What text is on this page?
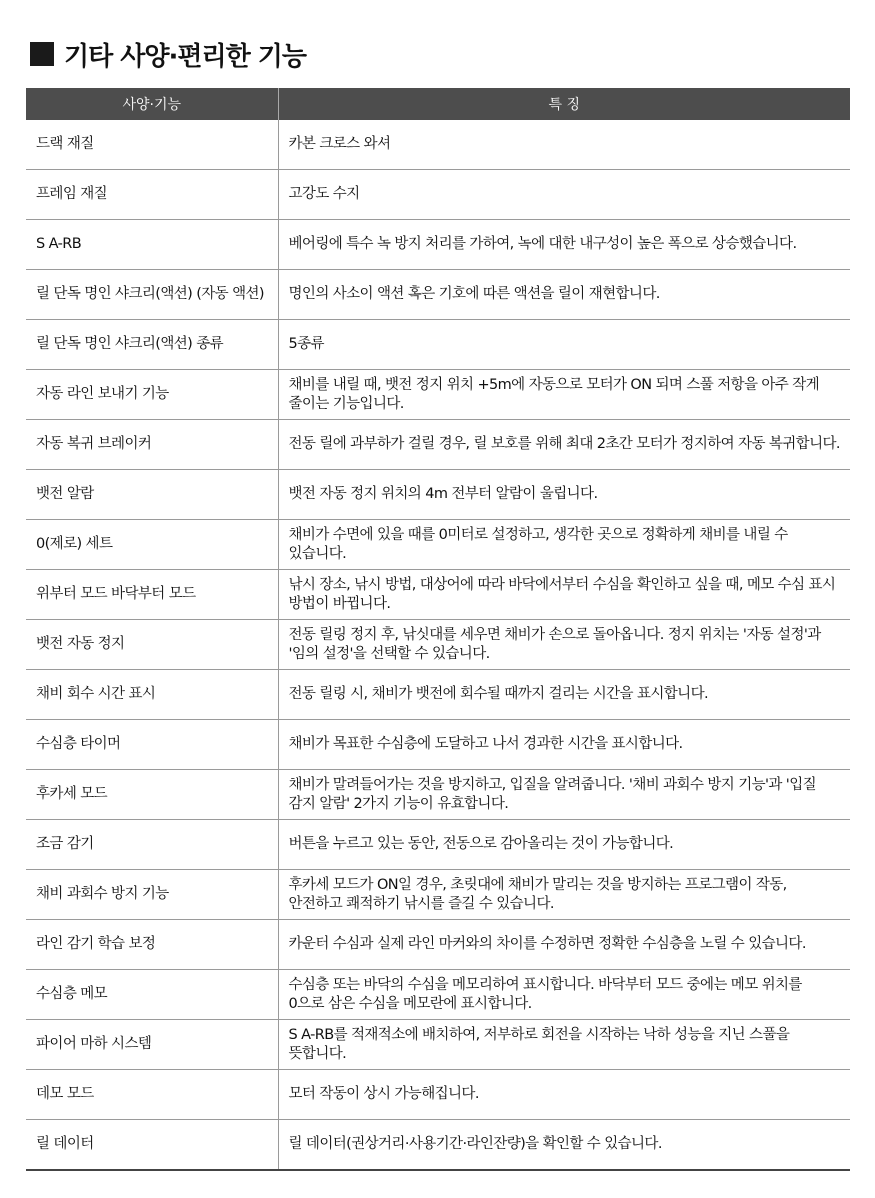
기타 사양·편리한 기능
사양·기능	특 징
드랙 재질	카본 크로스 와셔
프레임 재질	고강도 수지
S A-RB	베어링에 특수 녹 방지 처리를 가하여, 녹에 대한 내구성이 높은 폭으로 상승했습니다.
릴 단독 명인 샤크리(액션) (자동 액션)	명인의 사소이 액션 혹은 기호에 따른 액션을 릴이 재현합니다.
릴 단독 명인 샤크리(액션) 종류	5종류
자동 라인 보내기 기능	채비를 내릴 때, 뱃전 정지 위치 +5m에 자동으로 모터가 ON 되며 스풀 저항을 아주 작게 줄이는 기능입니다.
자동 복귀 브레이커	전동 릴에 과부하가 걸릴 경우, 릴 보호를 위해 최대 2초간 모터가 정지하여 자동 복귀합니다.
뱃전 알람	뱃전 자동 정지 위치의 4m 전부터 알람이 울립니다.
0(제로) 세트	채비가 수면에 있을 때를 0미터로 설정하고, 생각한 곳으로 정확하게 채비를 내릴 수 있습니다.
위부터 모드 바닥부터 모드	낚시 장소, 낚시 방법, 대상어에 따라 바닥에서부터 수심을 확인하고 싶을 때, 메모 수심 표시 방법이 바뀝니다.
뱃전 자동 정지	전동 릴링 정지 후, 낚싯대를 세우면 채비가 손으로 돌아옵니다. 정지 위치는 '자동 설정'과 '임의 설정'을 선택할 수 있습니다.
채비 회수 시간 표시	전동 릴링 시, 채비가 뱃전에 회수될 때까지 걸리는 시간을 표시합니다.
수심층 타이머	채비가 목표한 수심층에 도달하고 나서 경과한 시간을 표시합니다.
후카세 모드	채비가 말려들어가는 것을 방지하고, 입질을 알려줍니다. '채비 과회수 방지 기능'과 '입질 감지 알람' 2가지 기능이 유효합니다.
조금 감기	버튼을 누르고 있는 동안, 전동으로 감아올리는 것이 가능합니다.
채비 과회수 방지 기능	후카세 모드가 ON일 경우, 초릿대에 채비가 말리는 것을 방지하는 프로그램이 작동, 안전하고 쾌적하기 낚시를 즐길 수 있습니다.
라인 감기 학습 보정	카운터 수심과 실제 라인 마커와의 차이를 수정하면 정확한 수심층을 노릴 수 있습니다.
수심층 메모	수심층 또는 바닥의 수심을 메모리하여 표시합니다. 바닥부터 모드 중에는 메모 위치를 0으로 삼은 수심을 메모란에 표시합니다.
파이어 마하 시스템	S A-RB를 적재적소에 배치하여, 저부하로 회전을 시작하는 낙하 성능을 지닌 스풀을 뜻합니다.
데모 모드	모터 작동이 상시 가능해집니다.
릴 데이터	릴 데이터(권상거리·사용기간·라인잔량)을 확인할 수 있습니다.
